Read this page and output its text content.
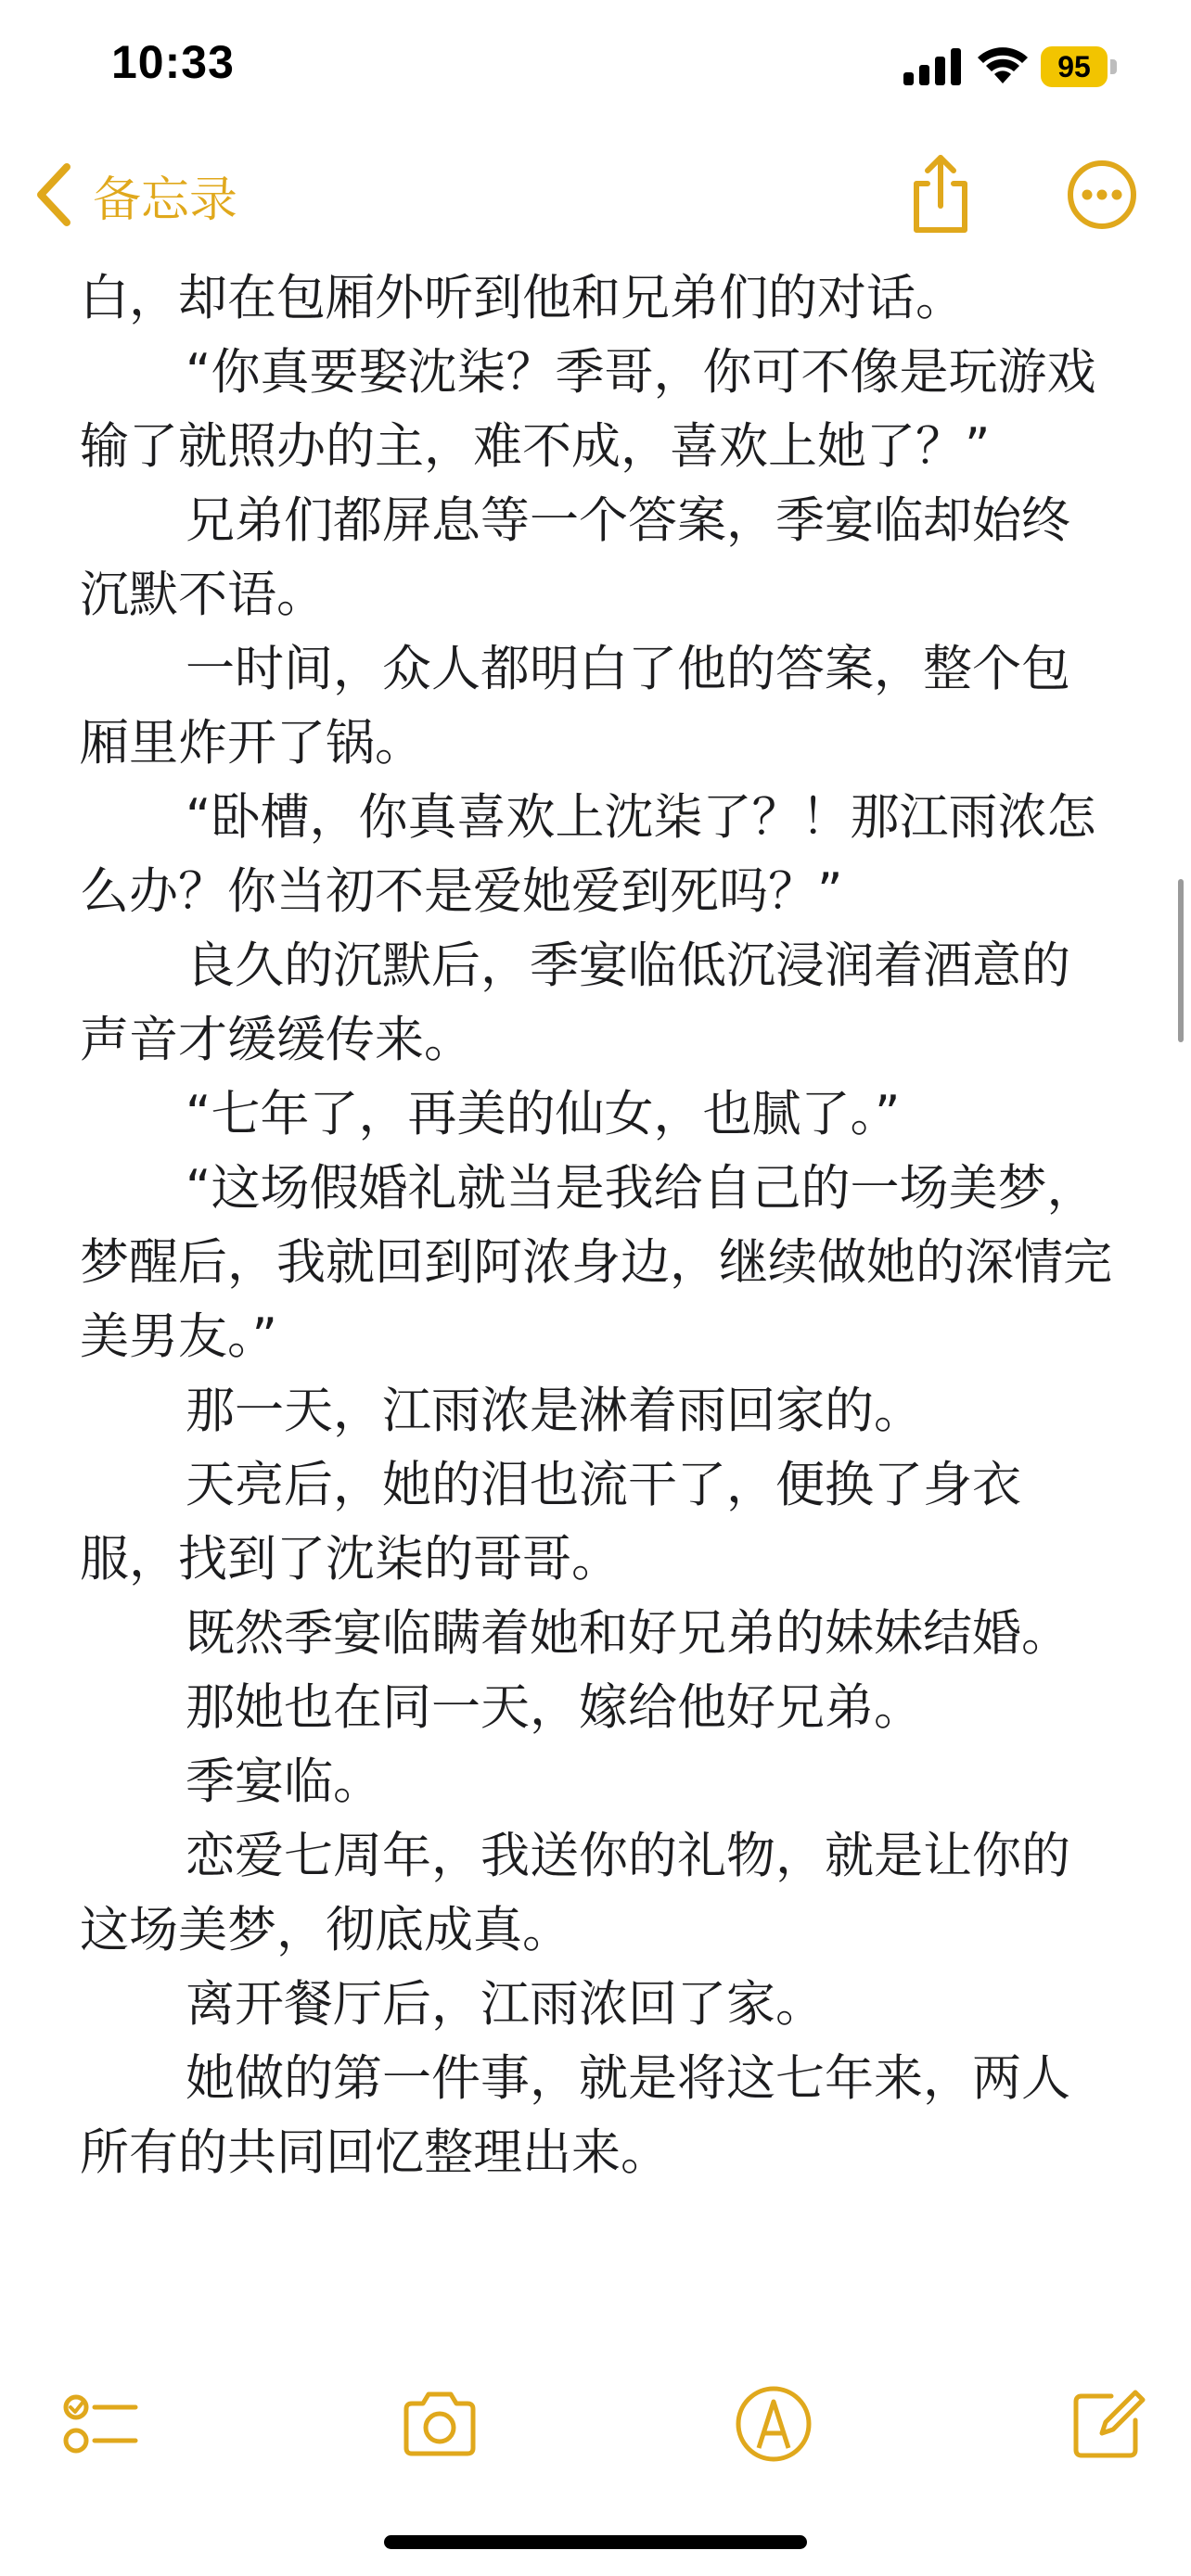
10:33	95
备忘录

白，却在包厢外听到他和兄弟们的对话。

“你真要娶沈柒？季哥，你可不像是玩游戏输了就照办的主，难不成，喜欢上她了？”

兄弟们都屏息等一个答案，季宴临却始终沉默不语。

一时间，众人都明白了他的答案，整个包厢里炸开了锅。

“卧槽，你真喜欢上沈柒了？！那江雨浓怎么办？你当初不是爱她爱到死吗？”

良久的沉默后，季宴临低沉浸润着酒意的声音才缓缓传来。

“七年了，再美的仙女，也腻了。”

“这场假婚礼就当是我给自己的一场美梦，梦醒后，我就回到阿浓身边，继续做她的深情完美男友。”

那一天，江雨浓是淋着雨回家的。

天亮后，她的泪也流干了，便换了身衣服，找到了沈柒的哥哥。

既然季宴临瞒着她和好兄弟的妹妹结婚。

那她也在同一天，嫁给他好兄弟。

季宴临。

恋爱七周年，我送你的礼物，就是让你的这场美梦，彻底成真。

离开餐厅后，江雨浓回了家。

她做的第一件事，就是将这七年来，两人所有的共同回忆整理出来。
